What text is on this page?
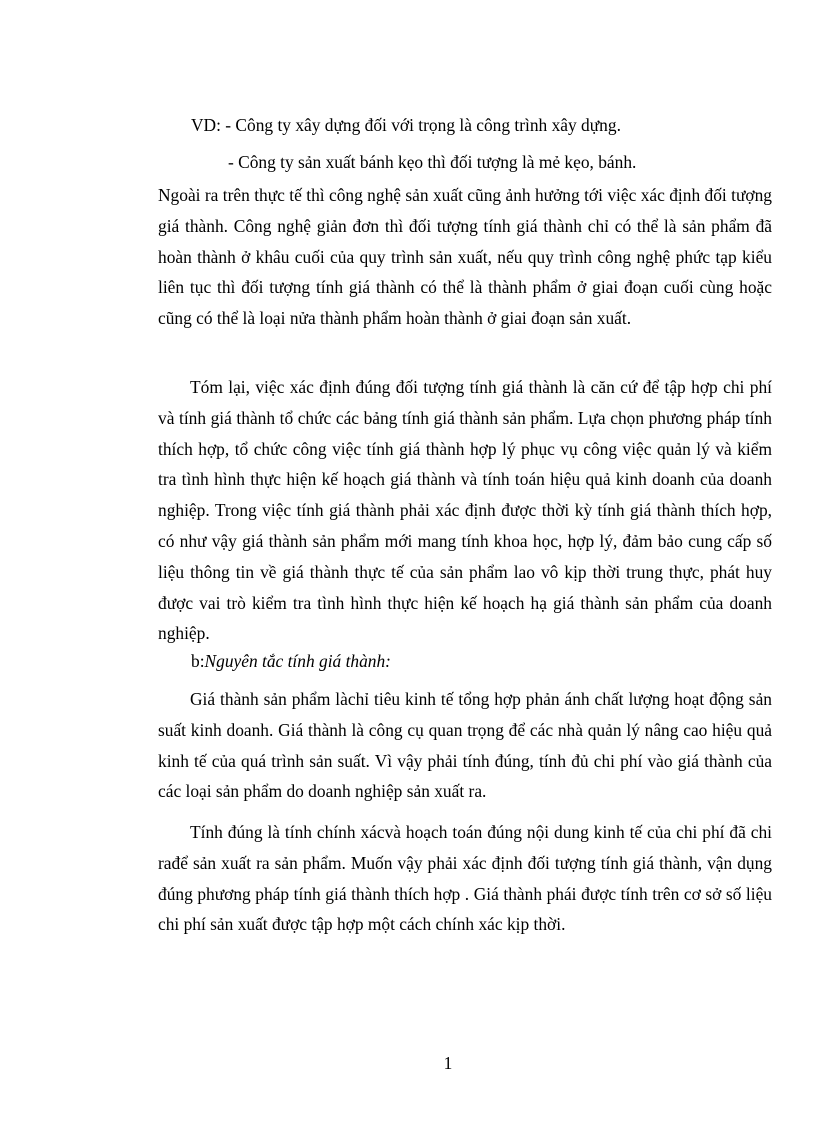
VD: - Công ty xây dựng đối với trọng là công trình xây dựng.
- Công ty sản xuất bánh kẹo thì đối tượng là mẻ kẹo, bánh.

Ngoài ra trên thực tế thì công nghệ sản xuất cũng ảnh hưởng tới việc xác định đối tượng giá thành. Công nghệ giản đơn thì đối tượng tính giá thành chỉ có thể là sản phẩm đã hoàn thành ở khâu cuối của quy trình sản xuất, nếu quy trình công nghệ phức tạp kiểu liên tục thì đối tượng tính giá thành có thể là thành phẩm ở giai đoạn cuối cùng hoặc cũng có thể là loại nửa thành phẩm hoàn thành ở giai đoạn sản xuất.

Tóm lại, việc xác định đúng đối tượng tính giá thành là căn cứ để tập hợp chi phí và tính giá thành tổ chức các bảng tính giá thành sản phẩm. Lựa chọn phương pháp tính thích hợp, tổ chức công việc tính giá thành hợp lý phục vụ công việc quản lý và kiểm tra tình hình thực hiện kế hoạch giá thành và tính toán hiệu quả kinh doanh của doanh nghiệp. Trong việc tính giá thành phải xác định được thời kỳ tính giá thành thích hợp, có như vậy giá thành sản phẩm mới mang tính khoa học, hợp lý, đảm bảo cung cấp số liệu thông tin về giá thành thực tế của sản phẩm lao vô kịp thời trung thực, phát huy được vai trò kiểm tra tình hình thực hiện kế hoạch hạ giá thành sản phẩm của doanh nghiệp.

b:Nguyên tắc tính giá thành:

Giá thành sản phẩm làchỉ tiêu kinh tế tổng hợp phản ánh chất lượng hoạt động sản suất kinh doanh. Giá thành là công cụ quan trọng để các nhà quản lý nâng cao hiệu quả kinh tế của quá trình sản suất. Vì vậy phải tính đúng, tính đủ chi phí vào giá thành của các loại sản phẩm do doanh nghiệp sản xuất ra.

Tính đúng là tính chính xácvà hoạch toán đúng nội dung kinh tế của chi phí đã chi rađể sản xuất ra sản phẩm. Muốn vậy phải xác định đối tượng tính giá thành, vận dụng đúng phương pháp tính giá thành thích hợp . Giá thành phái được tính trên cơ sở số liệu chi phí sản xuất được tập hợp một cách chính xác kịp thời.

1
